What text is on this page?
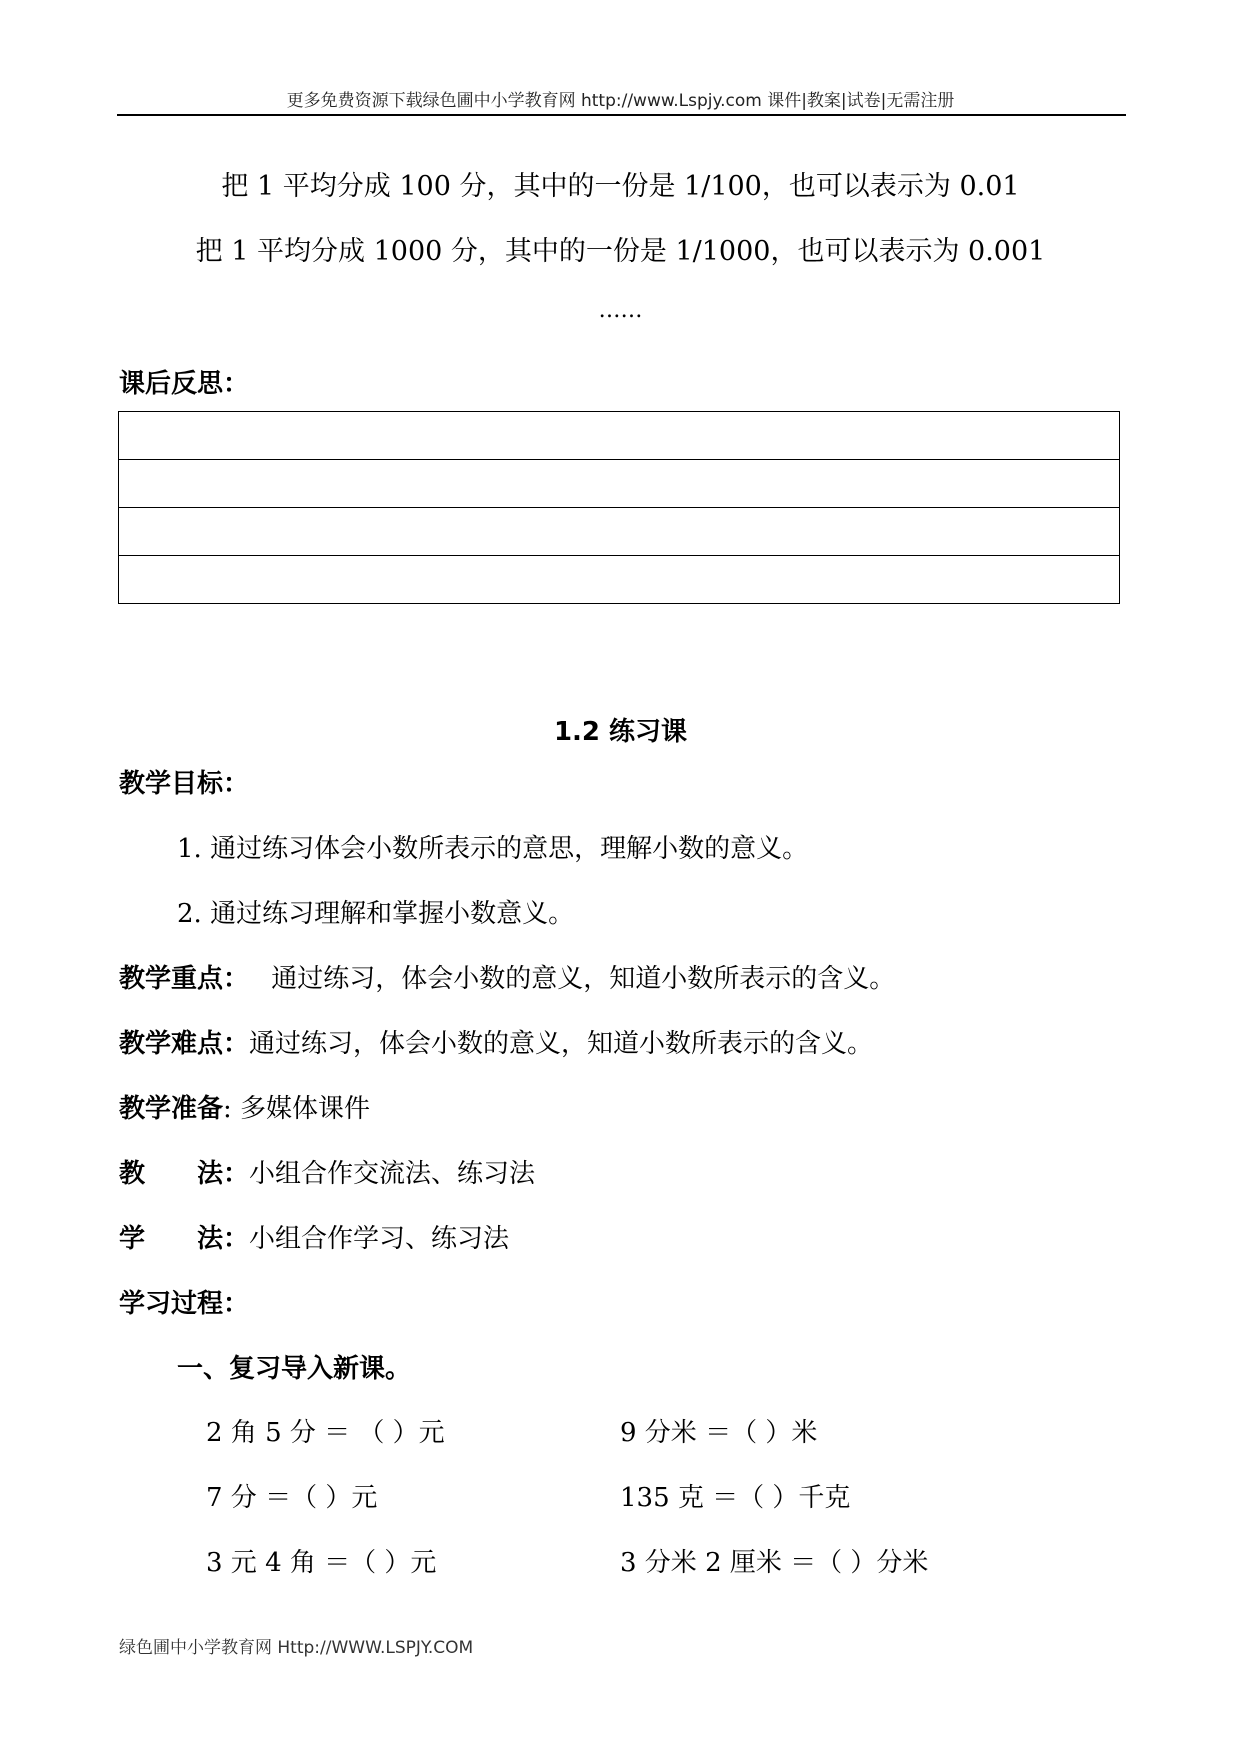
更多免费资源下载绿色圃中小学教育网 http://www.Lspjy.com 课件|教案|试卷|无需注册
把 1 平均分成 100 分，其中的一份是 1/100，也可以表示为 0.01
把 1 平均分成 1000 分，其中的一份是 1/1000，也可以表示为 0.001
……
课后反思：

1.2 练习课
教学目标：
1. 通过练习体会小数所表示的意思，理解小数的意义。
2. 通过练习理解和掌握小数意义。
教学重点： 通过练习，体会小数的意义，知道小数所表示的含义。
教学难点：通过练习，体会小数的意义，知道小数所表示的含义。
教学准备: 多媒体课件
教 法：小组合作交流法、练习法
学 法：小组合作学习、练习法
学习过程：
一、复习导入新课。
2 角 5 分 ＝ （ ）元	9 分米 ＝（ ）米
7 分 ＝（ ）元	135 克 ＝（ ）千克
3 元 4 角 ＝（ ）元	3 分米 2 厘米 ＝（ ）分米
绿色圃中小学教育网 Http://WWW.LSPJY.COM
